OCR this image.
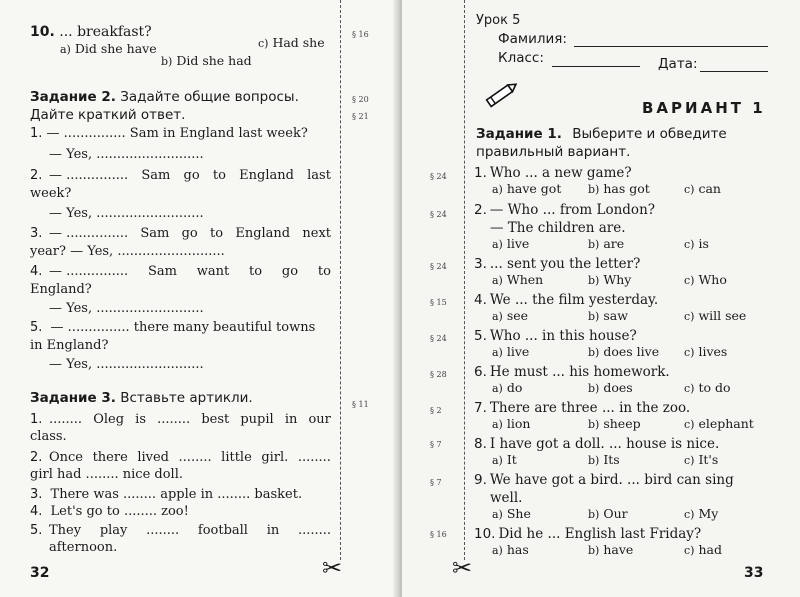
10. ... breakfast?
a) Did she have	c) Had she
b) Did she had
Задание 2. Задайте общие вопросы.
Дайте краткий ответ.
1. — ............... Sam in England last week?
— Yes, ..........................
2. — ............... Sam go to England last
week?
— Yes, ..........................
3. — ............... Sam go to England next
year? — Yes, ..........................
4. — ............... Sam want to go to
England?
— Yes, ..........................
5. — ............... there many beautiful towns
in England?
— Yes, ..........................
Задание 3. Вставьте артикли.
1. ........ Oleg is ........ best pupil in our
class.
2. Once there lived ........ little girl. ........
girl had ........ nice doll.
3. There was ........ apple in ........ basket.
4. Let's go to ........ zoo!
5. They play ........ football in ........
afternoon.
§ 16
§ 20
§ 21
§ 11
✂
32
Урок 5
Фамилия:
Класс:	Дата:
ВАРИАНТ 1
Задание 1. Выберите и обведите
правильный вариант.
1. Who ... a new game?
a) have got b) has got	c) can
2. — Who ... from London?
— The children are.
a) live	b) are	c) is
3. ... sent you the letter?
a) When	b) Why	c) Who
4. We ... the film yesterday.
a) see	b) saw	c) will see
5. Who ... in this house?
a) live	b) does live c) lives
6. He must ... his homework.
a) do	b) does	c) to do
7. There are three ... in the zoo.
a) lion	b) sheep	c) elephant
8. I have got a doll. ... house is nice.
a) It	b) Its	c) It's
9. We have got a bird. ... bird can sing
well.
a) She	b) Our	c) My
10. Did he ... English last Friday?
a) has	b) have	c) had
§ 24
§ 24
§ 24
§ 15
§ 24
§ 28
§ 2
§ 7
§ 7
§ 16
✂	33
